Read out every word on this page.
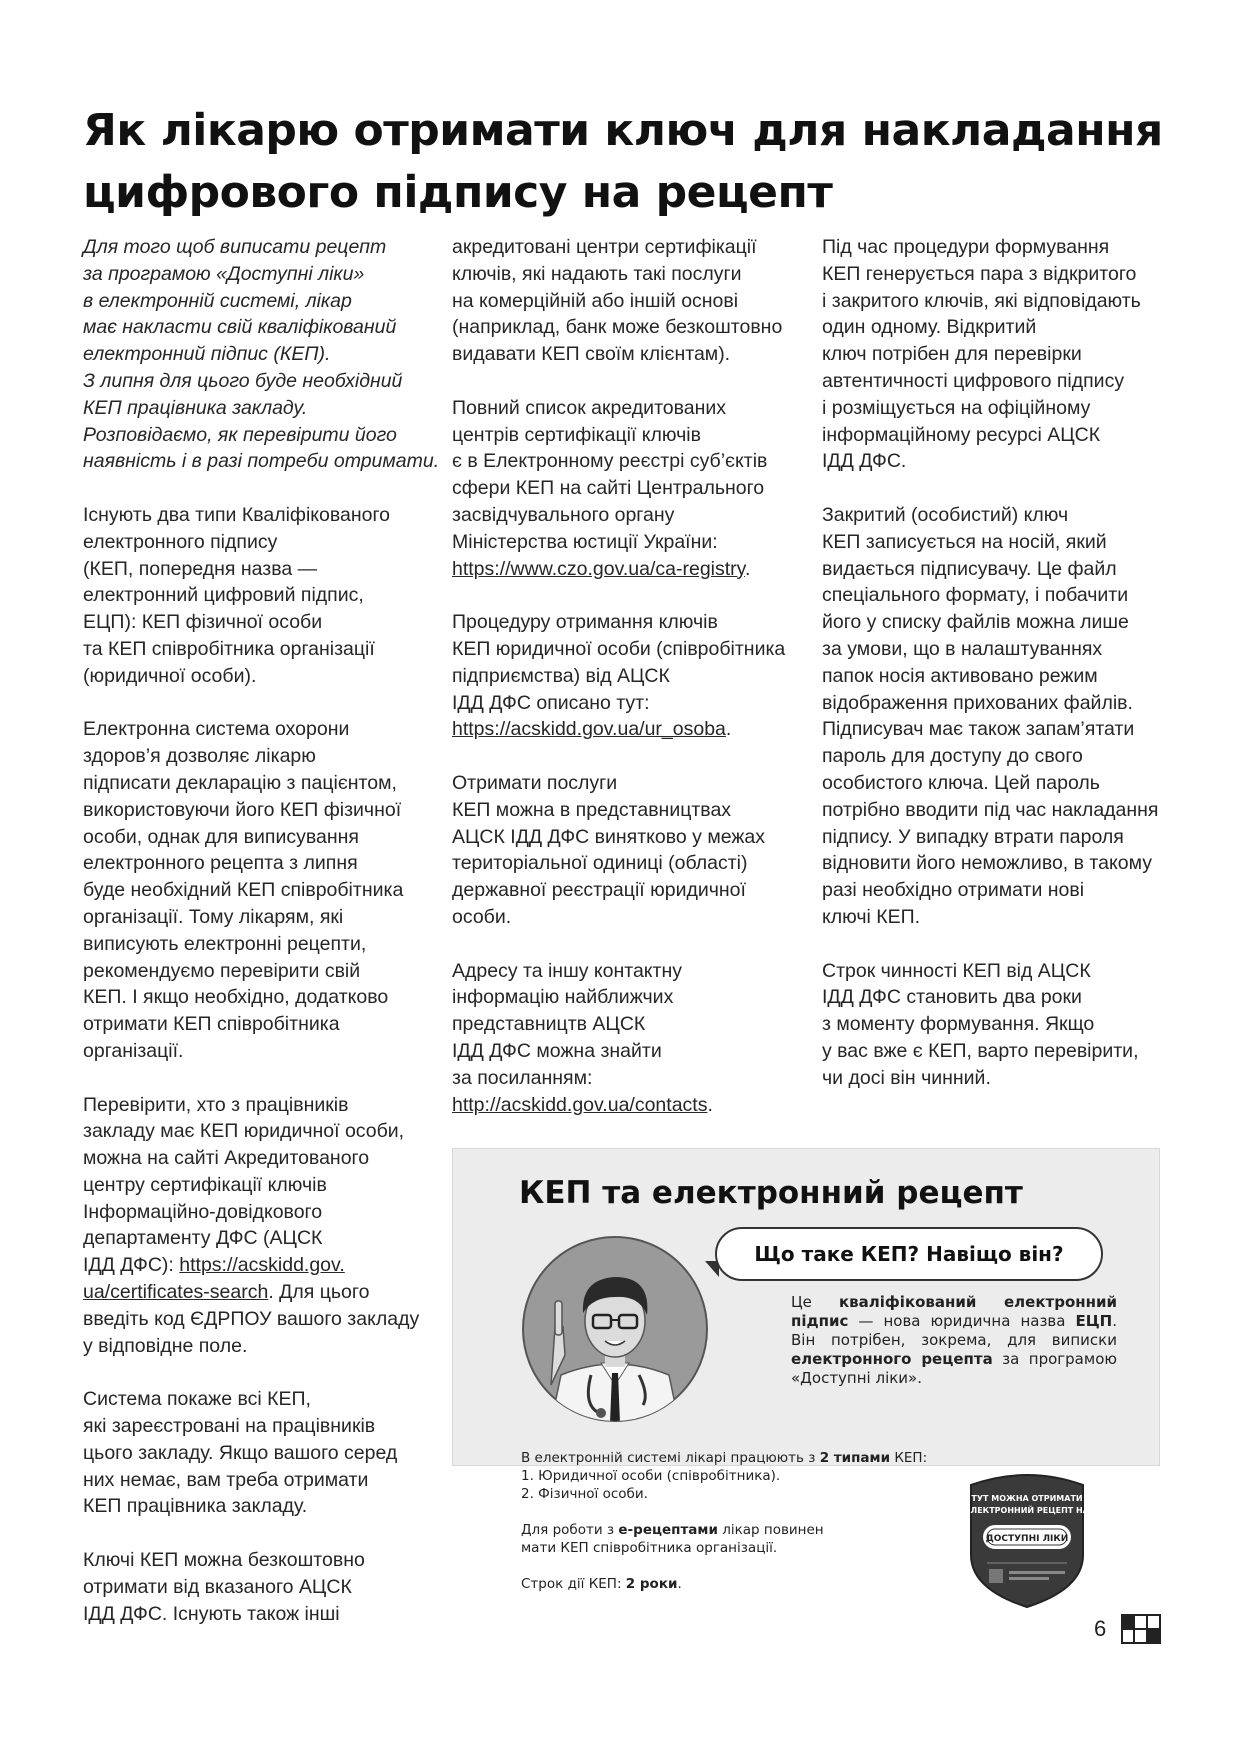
Як лікарю отримати ключ для накладання
цифрового підпису на рецепт

Для того щоб виписати рецепт
за програмою «Доступні ліки»
в електронній системі, лікар
має накласти свій кваліфікований
електронний підпис (КЕП).
З липня для цього буде необхідний
КЕП працівника закладу.
Розповідаємо, як перевірити його
наявність і в разі потреби отримати.

Існують два типи Кваліфікованого
електронного підпису
(КЕП, попередня назва —
електронний цифровий підпис,
ЕЦП): КЕП фізичної особи
та КЕП співробітника організації
(юридичної особи).

Електронна система охорони
здоров’я дозволяє лікарю
підписати декларацію з пацієнтом,
використовуючи його КЕП фізичної
особи, однак для виписування
електронного рецепта з липня
буде необхідний КЕП співробітника
організації. Тому лікарям, які
виписують електронні рецепти,
рекомендуємо перевірити свій
КЕП. І якщо необхідно, додатково
отримати КЕП співробітника
організації.

Перевірити, хто з працівників
закладу має КЕП юридичної особи,
можна на сайті Акредитованого
центру сертифікації ключів
Інформаційно-довідкового
департаменту ДФС (АЦСК
ІДД ДФС): https://acskidd.gov.
ua/certificates-search. Для цього
введіть код ЄДРПОУ вашого закладу
у відповідне поле.

Система покаже всі КЕП,
які зареєстровані на працівників
цього закладу. Якщо вашого серед
них немає, вам треба отримати
КЕП працівника закладу.

Ключі КЕП можна безкоштовно
отримати від вказаного АЦСК
ІДД ДФС. Існують також інші

акредитовані центри сертифікації
ключів, які надають такі послуги
на комерційній або іншій основі
(наприклад, банк може безкоштовно
видавати КЕП своїм клієнтам).

Повний список акредитованих
центрів сертифікації ключів
є в Електронному реєстрі суб’єктів
сфери КЕП на сайті Центрального
засвідчувального органу
Міністерства юстиції України:
https://www.czo.gov.ua/ca-registry.

Процедуру отримання ключів
КЕП юридичної особи (співробітника
підприємства) від АЦСК
ІДД ДФС описано тут:
https://acskidd.gov.ua/ur_osoba.

Отримати послуги
КЕП можна в представництвах
АЦСК ІДД ДФС винятково у межах
територіальної одиниці (області)
державної реєстрації юридичної
особи.

Адресу та іншу контактну
інформацію найближчих
представництв АЦСК
ІДД ДФС можна знайти
за посиланням:
http://acskidd.gov.ua/contacts.

Під час процедури формування
КЕП генерується пара з відкритого
і закритого ключів, які відповідають
один одному. Відкритий
ключ потрібен для перевірки
автентичності цифрового підпису
і розміщується на офіційному
інформаційному ресурсі АЦСК
ІДД ДФС.

Закритий (особистий) ключ
КЕП записується на носій, який
видається підписувачу. Це файл
спеціального формату, і побачити
його у списку файлів можна лише
за умови, що в налаштуваннях
папок носія активовано режим
відображення прихованих файлів.
Підписувач має також запам’ятати
пароль для доступу до свого
особистого ключа. Цей пароль
потрібно вводити під час накладання
підпису. У випадку втрати пароля
відновити його неможливо, в такому
разі необхідно отримати нові
ключі КЕП.

Строк чинності КЕП від АЦСК
ІДД ДФС становить два роки
з моменту формування. Якщо
у вас вже є КЕП, варто перевірити,
чи досі він чинний.

КЕП та електронний рецепт
Що таке КЕП? Навіщо він?
Це кваліфікований електронний підпис — нова юридична назва ЕЦП. Він потрібен, зокрема, для виписки електронного рецепта за програмою «Доступні ліки».

В електронній системі лікарі працюють з 2 типами КЕП:
1. Юридичної особи (співробітника).
2. Фізичної особи.

Для роботи з е-рецептами лікар повинен
мати КЕП співробітника організації.

Строк дії КЕП: 2 роки.

ТУТ МОЖНА ОТРИМАТИ
ЕЛЕКТРОННИЙ РЕЦЕПТ НА
ДОСТУПНІ ЛІКИ
6
